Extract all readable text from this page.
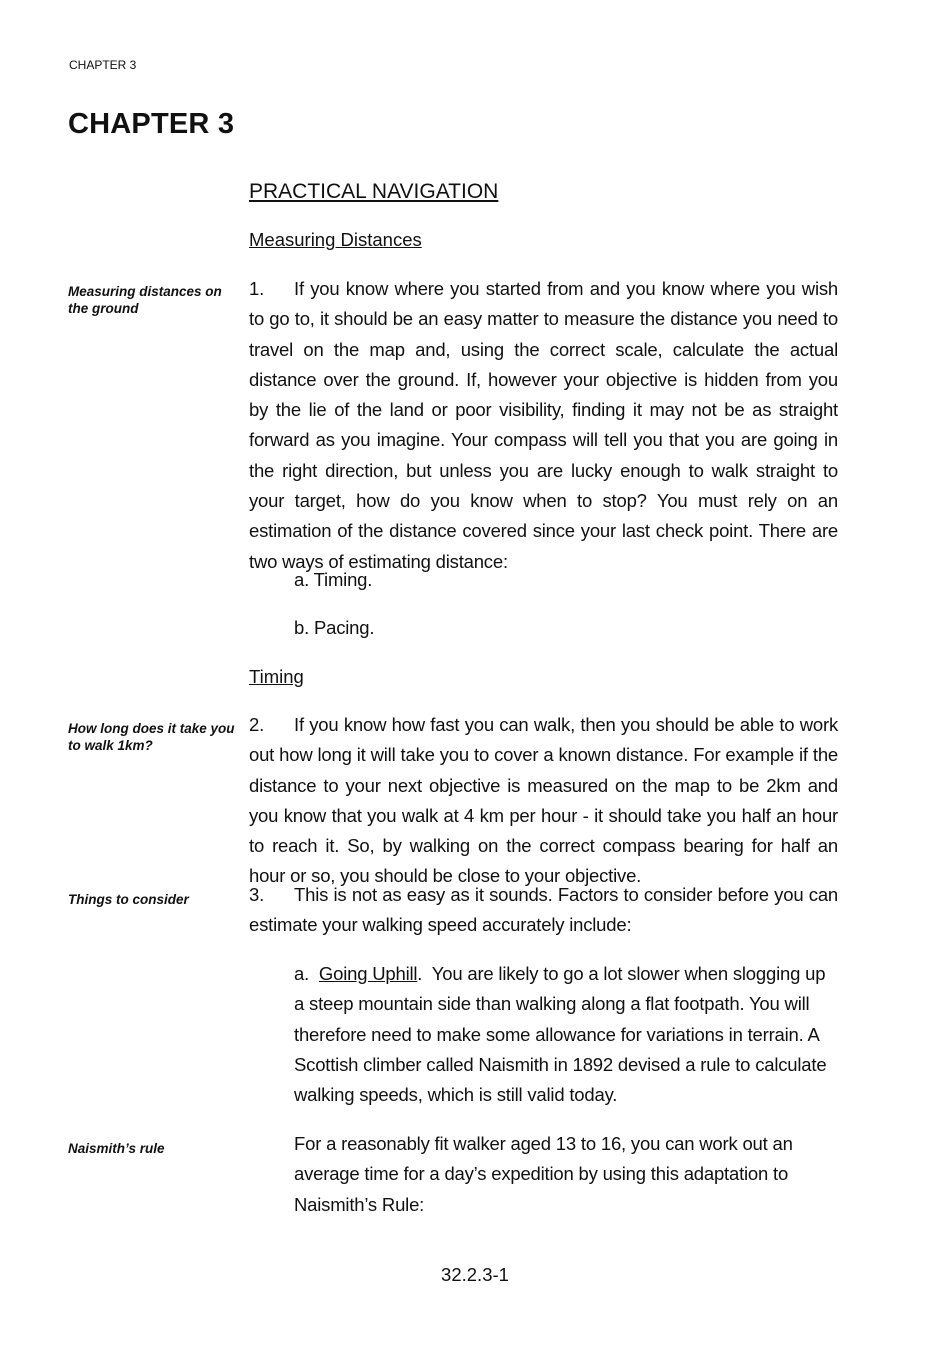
CHAPTER 3
CHAPTER 3
PRACTICAL NAVIGATION
Measuring Distances
Measuring distances on the ground
1. If you know where you started from and you know where you wish to go to, it should be an easy matter to measure the distance you need to travel on the map and, using the correct scale, calculate the actual distance over the ground. If, however your objective is hidden from you by the lie of the land or poor visibility, finding it may not be as straight forward as you imagine. Your compass will tell you that you are going in the right direction, but unless you are lucky enough to walk straight to your target, how do you know when to stop? You must rely on an estimation of the distance covered since your last check point. There are two ways of estimating distance:
a. Timing.
b. Pacing.
Timing
How long does it take you to walk 1km?
2. If you know how fast you can walk, then you should be able to work out how long it will take you to cover a known distance. For example if the distance to your next objective is measured on the map to be 2km and you know that you walk at 4 km per hour - it should take you half an hour to reach it. So, by walking on the correct compass bearing for half an hour or so, you should be close to your objective.
Things to consider	3. This is not as easy as it sounds. Factors to consider before you can estimate your walking speed accurately include:
a. Going Uphill.  You are likely to go a lot slower when slogging up a steep mountain side than walking along a flat footpath. You will therefore need to make some allowance for variations in terrain. A Scottish climber called Naismith in 1892 devised a rule to calculate walking speeds, which is still valid today.
Naismith’s rule	For a reasonably fit walker aged 13 to 16, you can work out an average time for a day’s expedition by using this adaptation to Naismith’s Rule:
32.2.3-1
